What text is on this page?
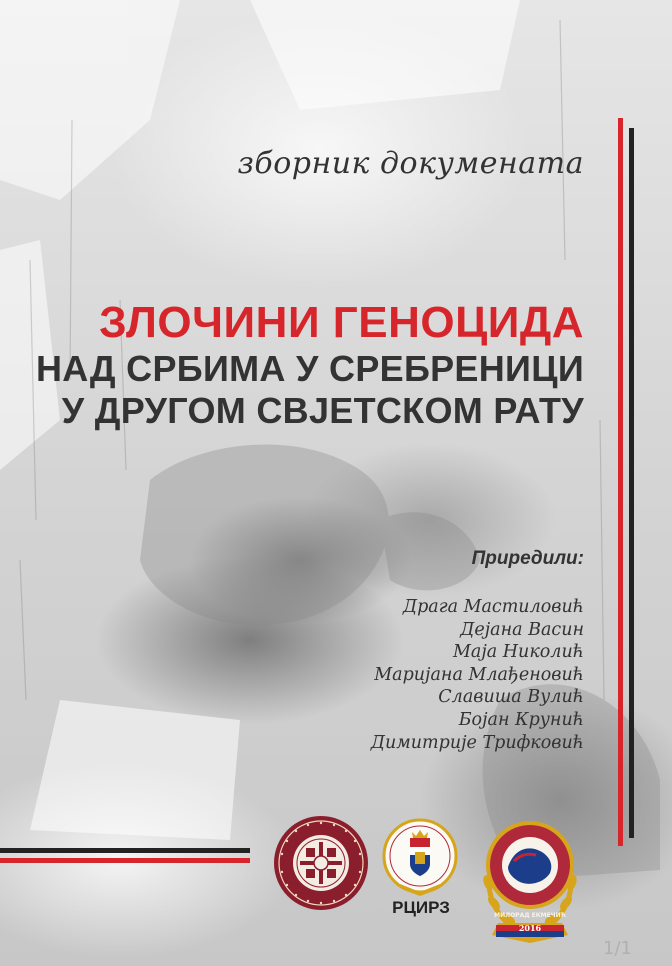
зборник докумената
ЗЛОЧИНИ ГЕНОЦИДА
НАД СРБИМА У СРЕБРЕНИЦИ
У ДРУГОМ СВЈЕТСКОМ РАТУ
Приредили:
Драга Мастиловић
Дејана Васин
Маја Николић
Маријана Млађеновић
Славиша Вулић
Бојан Крунић
Димитрије Трифковић
РЦИРЗ
2016
МИЛОРАД ЕКМЕЧИЋ
1/1
